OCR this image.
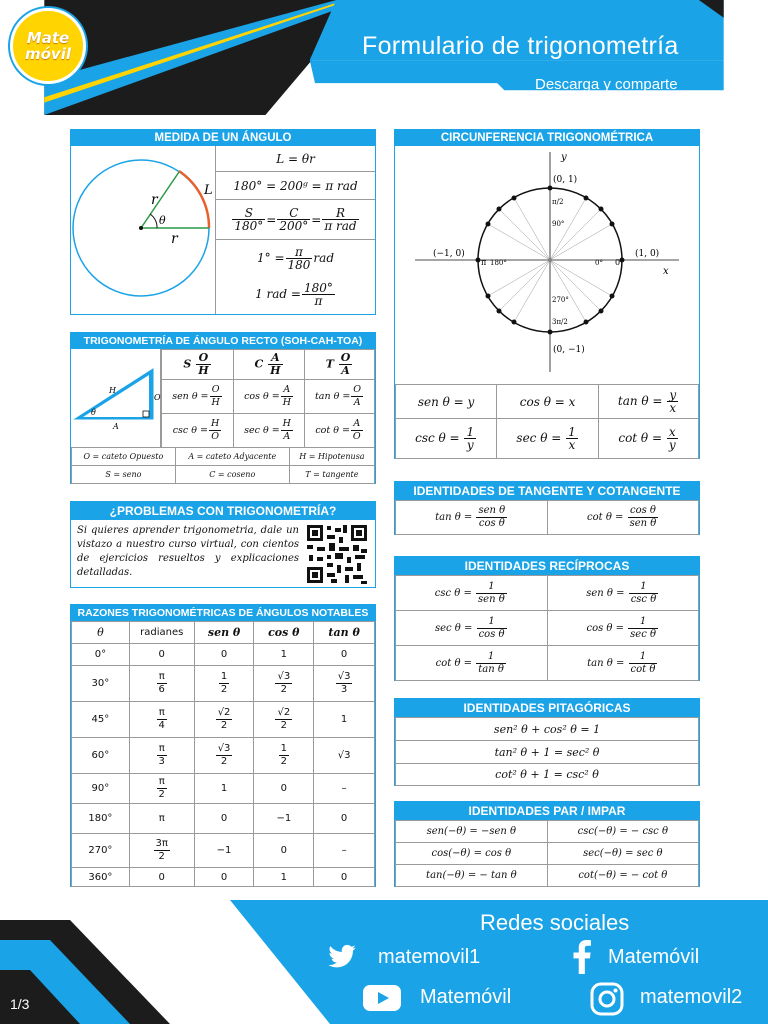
Mate
móvil	Formulario de trigonometría
Descarga y comparte
MEDIDA DE UN ÁNGULO
r
r
θ
L
L = θr
180° = 200ᵍ = π rad
$\frac{S}{180^\circ} = \frac{C}{200^\circ} = \frac{R}{\text{π rad}}$
$1^\circ = \frac{\pi}{180}$ rad
1 rad = $\frac{180^\circ}{\pi}$
TRIGONOMETRÍA DE ÁNGULO RECTO (SOH-CAH-TOA)
H
O
A
θ
S $\frac{O}{H}$	C $\frac{A}{H}$	T $\frac{O}{A}$

sen $\theta = \frac{O}{H}$	$\cos \theta = \frac{A}{H}$	$\tan \theta = \frac{O}{A}$

$\csc \theta = \frac{H}{O}$	$\sec \theta = \frac{H}{A}$	$\cot \theta = \frac{A}{O}$
O = cateto Opuesto	A = cateto Adyacente	H = Hipotenusa
S = seno	C = coseno	T = tangente
¿PROBLEMAS CON TRIGONOMETRÍA?
Si quieres aprender trigonometria, dale un vistazo a nuestro curso virtual, con cientos de ejercicios resueltos y explicaciones detalladas.
RAZONES TRIGONOMÉTRICAS DE ÁNGULOS NOTABLES
θ	radianes	sen θ	cos θ	tan θ
0°	0	0	1	0
30°	$\frac{\pi}{6}$	$\frac{1}{2}$	$\frac{√3}{2}$	$\frac{√3}{3}$

45°	$\frac{\pi}{4}$	$\frac{√2}{2}$	$\frac{√2}{2}$	1
60°	$\frac{\pi}{3}$	$\frac{√3}{2}$	$\frac{1}{2}$	√3
90°	$\frac{\pi}{2}$	1	0	–
180°	π	0	−1	0
270°	$\frac{3\pi}{2}$	−1	0	–
360°	0	0	1	0
CIRCUNFERENCIA TRIGONOMÉTRICA
x
y
(0, 1)
(0, −1)
(−1, 0)	(1, 0)
90°
0°
180°
270°
π	0
π/2
3π/2
sen θ = y	cos θ = x	$\tan \theta = \frac{y}{x}$

$\csc \theta = \frac{1}{y}$	$\sec \theta = \frac{1}{x}$	$\cot \theta = \frac{x}{y}$
IDENTIDADES DE TANGENTE Y COTANGENTE
$\tan \theta = \frac{\text{sen θ}}{\text{cos θ}}$	$\cot \theta = \frac{\text{cos θ}}{\text{sen θ}}$
IDENTIDADES RECÍPROCAS
$\csc \theta = \frac{1}{\text{sen θ}}$	sen $\theta = \frac{1}{\text{csc θ}}$

$\sec \theta = \frac{1}{\text{cos θ}}$	$\cos \theta = \frac{1}{\text{sec θ}}$

$\cot \theta = \frac{1}{\text{tan θ}}$	$\tan \theta = \frac{1}{\text{cot θ}}$
IDENTIDADES PITAGÓRICAS
sen² θ + cos² θ = 1
tan² θ + 1 = sec² θ
cot² θ + 1 = csc² θ
IDENTIDADES PAR / IMPAR
sen(−θ) = −sen θ	csc(−θ) = − csc θ
cos(−θ) = cos θ	sec(−θ) = sec θ
tan(−θ) = − tan θ	cot(−θ) = − cot θ
Redes sociales
matemovil1	Matemóvil
Matemóvil	matemovil2
1/3
